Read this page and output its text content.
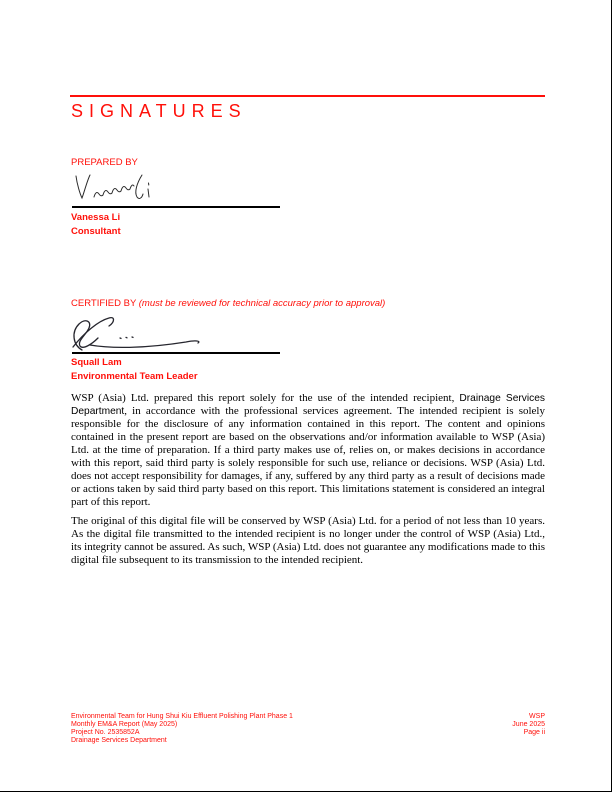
SIGNATURES
PREPARED BY
Vanessa Li
Consultant
CERTIFIED BY (must be reviewed for technical accuracy prior to approval)
Squall Lam
Environmental Team Leader

WSP (Asia) Ltd. prepared this report solely for the use of the intended recipient, Drainage Services Department, in accordance with the professional services agreement. The intended recipient is solely responsible for the disclosure of any information contained in this report. The content and opinions contained in the present report are based on the observations and/or information available to WSP (Asia) Ltd. at the time of preparation. If a third party makes use of, relies on, or makes decisions in accordance with this report, said third party is solely responsible for such use, reliance or decisions. WSP (Asia) Ltd. does not accept responsibility for damages, if any, suffered by any third party as a result of decisions made or actions taken by said third party based on this report. This limitations statement is considered an integral part of this report.

The original of this digital file will be conserved by WSP (Asia) Ltd. for a period of not less than 10 years. As the digital file transmitted to the intended recipient is no longer under the control of WSP (Asia) Ltd., its integrity cannot be assured. As such, WSP (Asia) Ltd. does not guarantee any modifications made to this digital file subsequent to its transmission to the intended recipient.

Environmental Team for Hung Shui Kiu Effluent Polishing Plant Phase 1
Monthly EM&A Report (May 2025)
Project No. 2535852A
Drainage Services Department
WSP
June 2025
Page ii
